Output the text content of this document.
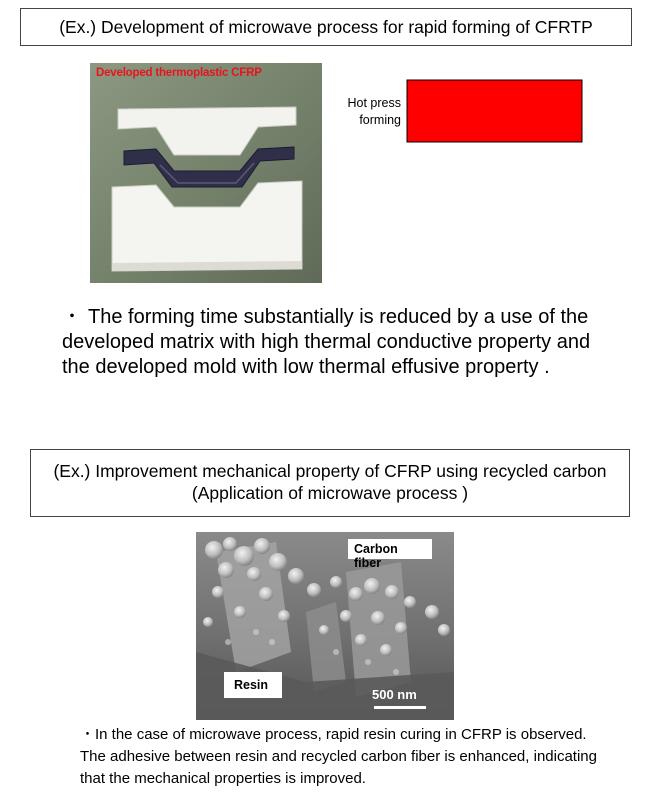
(Ex.) Development of microwave process for rapid forming of CFRTP
Developed thermoplastic CFRP
Hot press forming
・ The forming time substantially is reduced by a use of the developed matrix with high thermal conductive property and the developed mold with low thermal effusive property .
(Ex.) Improvement mechanical property of CFRP using recycled carbon (Application of microwave process )
Carbon fiber
Resin
500 nm
・In the case of microwave process, rapid resin curing in CFRP is observed. The adhesive between resin and recycled carbon fiber is enhanced, indicating that the mechanical properties is improved.
